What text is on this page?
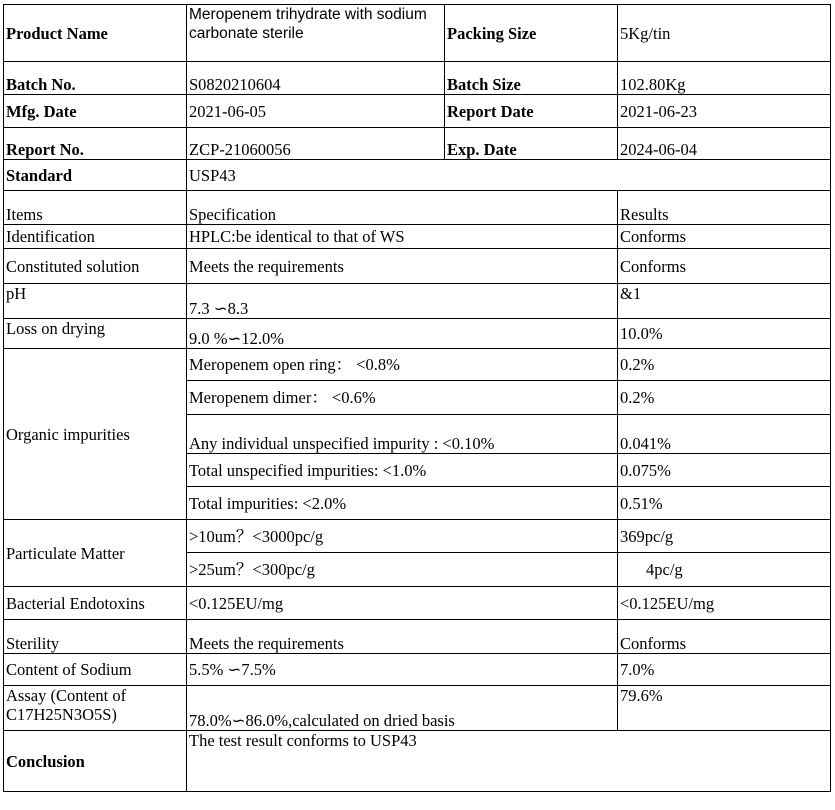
Product Name	Meropenem trihydrate with sodium carbonate sterile	Packing Size	5Kg/tin
Batch No.	S0820210604	Batch Size	102.80Kg
Mfg. Date	2021-06-05	Report Date	2021-06-23
Report No.	ZCP-21060056	Exp. Date	2024-06-04
Standard	USP43		
Items	Specification		Results
Identification	HPLC:be identical to that of WS		Conforms
Constituted solution	Meets the requirements		Conforms
pH	7.3 ∽8.3		&1
Loss on drying	9.0 %∽12.0%		10.0%
Organic impurities	Meropenem open ring： <0.8%		0.2%
	Meropenem dimer： <0.6%		0.2%
	Any individual unspecified impurity : <0.10%		0.041%
	Total unspecified impurities: <1.0%		0.075%
	Total impurities: <2.0%		0.51%
Particulate Matter	>10um？<3000pc/g		369pc/g
	>25um？<300pc/g		4pc/g
Bacterial Endotoxins	<0.125EU/mg		<0.125EU/mg
Sterility	Meets the requirements		Conforms
Content of Sodium	5.5% ∽7.5%		7.0%
Assay (Content of C17H25N3O5S)	78.0%∽86.0%,calculated on dried basis		79.6%
Conclusion	The test result conforms to USP43		
